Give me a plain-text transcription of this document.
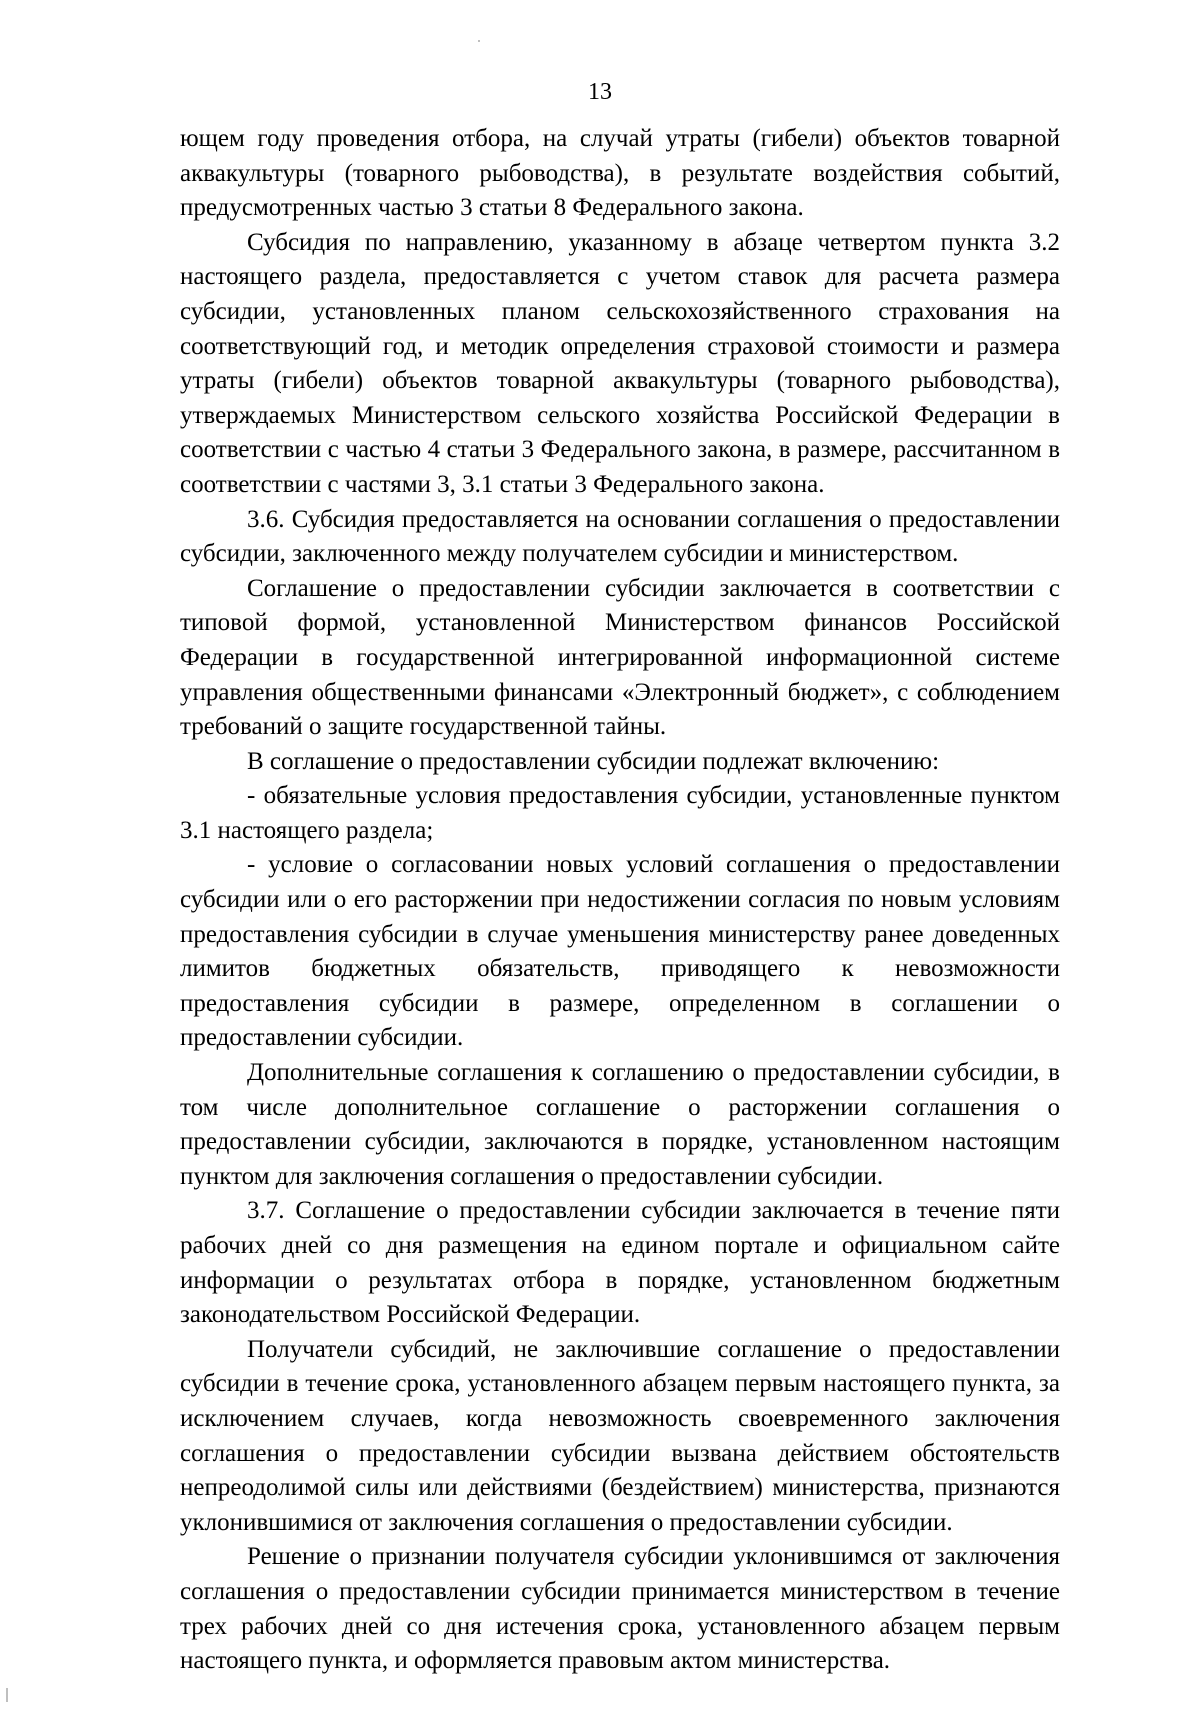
13

ющем году проведения отбора, на случай утраты (гибели) объектов товарной аквакультуры (товарного рыбоводства), в результате воздействия событий, предусмотренных частью 3 статьи 8 Федерального закона.

Субсидия по направлению, указанному в абзаце четвертом пункта 3.2 настоящего раздела, предоставляется с учетом ставок для расчета размера субсидии, установленных планом сельскохозяйственного страхования на соответствующий год, и методик определения страховой стоимости и размера утраты (гибели) объектов товарной аквакультуры (товарного рыбоводства), утверждаемых Министерством сельского хозяйства Российской Федерации в соответствии с частью 4 статьи 3 Федерального закона, в размере, рассчитанном в соответствии с частями 3, 3.1 статьи 3 Федерального закона.

3.6. Субсидия предоставляется на основании соглашения о предоставлении субсидии, заключенного между получателем субсидии и министерством.

Соглашение о предоставлении субсидии заключается в соответствии с типовой формой, установленной Министерством финансов Российской Федерации в государственной интегрированной информационной системе управления общественными финансами «Электронный бюджет», с соблюдением требований о защите государственной тайны.

В соглашение о предоставлении субсидии подлежат включению:

- обязательные условия предоставления субсидии, установленные пунктом 3.1 настоящего раздела;

- условие о согласовании новых условий соглашения о предоставлении субсидии или о его расторжении при недостижении согласия по новым условиям предоставления субсидии в случае уменьшения министерству ранее доведенных лимитов бюджетных обязательств, приводящего к невозможности предоставления субсидии в размере, определенном в соглашении о предоставлении субсидии.

Дополнительные соглашения к соглашению о предоставлении субсидии, в том числе дополнительное соглашение о расторжении соглашения о предоставлении субсидии, заключаются в порядке, установленном настоящим пунктом для заключения соглашения о предоставлении субсидии.

3.7. Соглашение о предоставлении субсидии заключается в течение пяти рабочих дней со дня размещения на едином портале и официальном сайте информации о результатах отбора в порядке, установленном бюджетным законодательством Российской Федерации.

Получатели субсидий, не заключившие соглашение о предоставлении субсидии в течение срока, установленного абзацем первым настоящего пункта, за исключением случаев, когда невозможность своевременного заключения соглашения о предоставлении субсидии вызвана действием обстоятельств непреодолимой силы или действиями (бездействием) министерства, признаются уклонившимися от заключения соглашения о предоставлении субсидии.

Решение о признании получателя субсидии уклонившимся от заключения соглашения о предоставлении субсидии принимается министерством в течение трех рабочих дней со дня истечения срока, установленного абзацем первым настоящего пункта, и оформляется правовым актом министерства.
